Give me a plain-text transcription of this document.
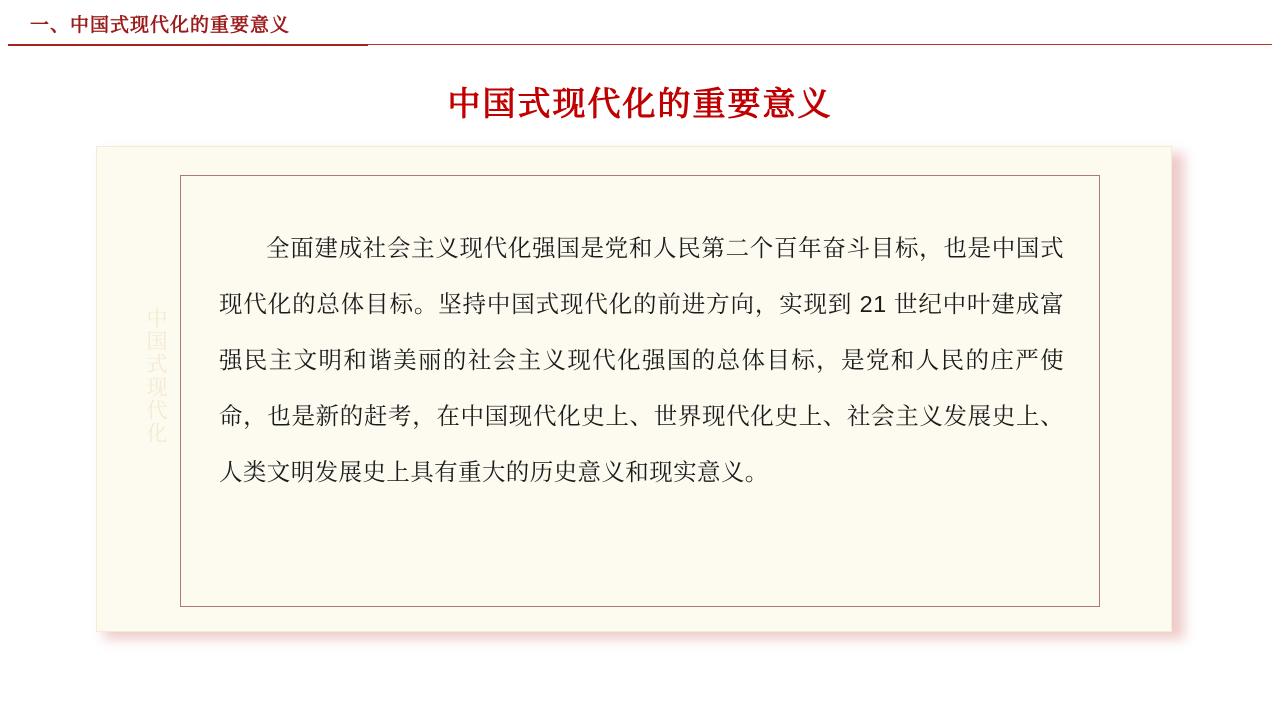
一、中国式现代化的重要意义
中国式现代化的重要意义
中国式现代化
全面建成社会主义现代化强国是党和人民第二个百年奋斗目标，也是中国式现代化的总体目标。坚持中国式现代化的前进方向，实现到 21 世纪中叶建成富强民主文明和谐美丽的社会主义现代化强国的总体目标，是党和人民的庄严使命，也是新的赶考，在中国现代化史上、世界现代化史上、社会主义发展史上、人类文明发展史上具有重大的历史意义和现实意义。
